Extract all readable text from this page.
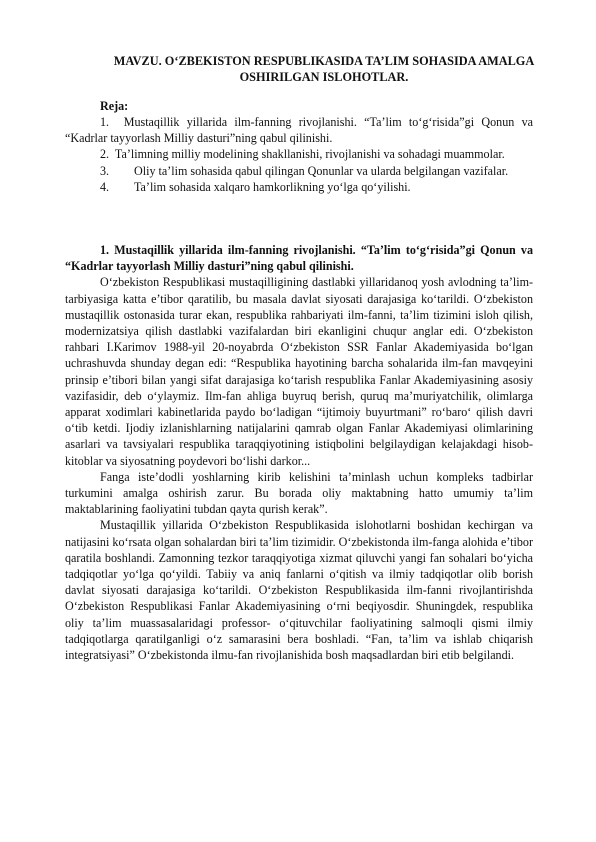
MAVZU. O‘ZBEKISTON RESPUBLIKASIDA TA’LIM SOHASIDA AMALGA OSHIRILGAN ISLOHOTLAR.
Reja:

1. Mustaqillik yillarida ilm-fanning rivojlanishi. “Ta’lim to‘g‘risida”gi Qonun va “Kadrlar tayyorlash Milliy dasturi”ning qabul qilinishi.

2. Ta’limning milliy modelining shakllanishi, rivojlanishi va sohadagi muammolar.

3. Oliy ta’lim sohasida qabul qilingan Qonunlar va ularda belgilangan vazifalar.

4. Ta’lim sohasida xalqaro hamkorlikning yo‘lga qo‘yilishi.

1. Mustaqillik yillarida ilm-fanning rivojlanishi. “Ta’lim to‘g‘risida”gi Qonun va “Kadrlar tayyorlash Milliy dasturi”ning qabul qilinishi.

O‘zbekiston Respublikasi mustaqilligining dastlabki yillaridanoq yosh avlodning ta’lim-tarbiyasiga katta e’tibor qaratilib, bu masala davlat siyosati darajasiga ko‘tarildi. O‘zbekiston mustaqillik ostonasida turar ekan, respublika rahbariyati ilm-fanni, ta’lim tizimini isloh qilish, modernizatsiya qilish dastlabki vazifalardan biri ekanligini chuqur anglar edi. O‘zbekiston rahbari I.Karimov 1988-yil 20-noyabrda O‘zbekiston SSR Fanlar Akademiyasida bo‘lgan uchrashuvda shunday degan edi: “Respublika hayotining barcha sohalarida ilm-fan mavqeyini prinsip e’tibori bilan yangi sifat darajasiga ko‘tarish respublika Fanlar Akademiyasining asosiy vazifasidir, deb o‘ylaymiz. Ilm-fan ahliga buyruq berish, quruq ma’muriyatchilik, olimlarga apparat xodimlari kabinetlarida paydo bo‘ladigan “ijtimoiy buyurtmani” ro‘baro‘ qilish davri o‘tib ketdi. Ijodiy izlanishlarning natijalarini qamrab olgan Fanlar Akademiyasi olimlarining asarlari va tavsiyalari respublika taraqqiyotining istiqbolini belgilaydigan kelajakdagi hisob-kitoblar va siyosatning poydevori bo‘lishi darkor...

Fanga iste’dodli yoshlarning kirib kelishini ta’minlash uchun kompleks tadbirlar turkumini amalga oshirish zarur. Bu borada oliy maktabning hatto umumiy ta’lim maktablarining faoliyatini tubdan qayta qurish kerak”.

Mustaqillik yillarida O‘zbekiston Respublikasida islohotlarni boshidan kechirgan va natijasini ko‘rsata olgan sohalardan biri ta’lim tizimidir. O‘zbekistonda ilm-fanga alohida e’tibor qaratila boshlandi. Zamonning tezkor taraqqiyotiga xizmat qiluvchi yangi fan sohalari bo‘yicha tadqiqotlar yo‘lga qo‘yildi. Tabiiy va aniq fanlarni o‘qitish va ilmiy tadqiqotlar olib borish davlat siyosati darajasiga ko‘tarildi. O‘zbekiston Respublikasida ilm-fanni rivojlantirishda O‘zbekiston Respublikasi Fanlar Akademiyasining o‘rni beqiyosdir. Shuningdek, respublika oliy ta’lim muassasalaridagi professor- o‘qituvchilar faoliyatining salmoqli qismi ilmiy tadqiqotlarga qaratilganligi o‘z samarasini bera boshladi. “Fan, ta’lim va ishlab chiqarish integratsiyasi” O‘zbekistonda ilmu-fan rivojlanishida bosh maqsadlardan biri etib belgilandi.
